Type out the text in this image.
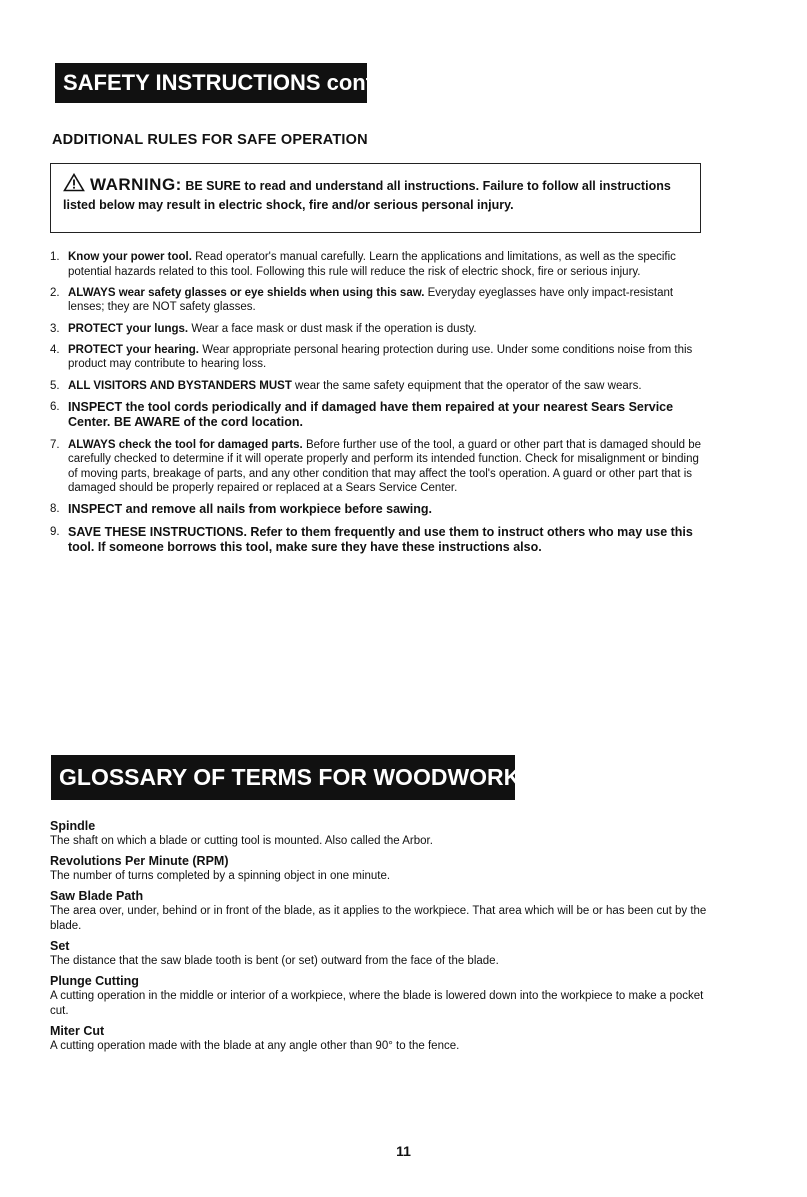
SAFETY INSTRUCTIONS cont.
ADDITIONAL RULES FOR SAFE OPERATION
WARNING: BE SURE to read and understand all instructions. Failure to follow all instructions listed below may result in electric shock, fire and/or serious personal injury.
1. Know your power tool. Read operator's manual carefully. Learn the applications and limitations, as well as the specific potential hazards related to this tool. Following this rule will reduce the risk of electric shock, fire or serious injury.
2. ALWAYS wear safety glasses or eye shields when using this saw. Everyday eyeglasses have only impact-resistant lenses; they are NOT safety glasses.
3. PROTECT your lungs. Wear a face mask or dust mask if the operation is dusty.
4. PROTECT your hearing. Wear appropriate personal hearing protection during use. Under some conditions noise from this product may contribute to hearing loss.
5. ALL VISITORS AND BYSTANDERS MUST wear the same safety equipment that the operator of the saw wears.
6. INSPECT the tool cords periodically and if damaged have them repaired at your nearest Sears Service Center. BE AWARE of the cord location.
7. ALWAYS check the tool for damaged parts. Before further use of the tool, a guard or other part that is damaged should be carefully checked to determine if it will operate properly and perform its intended function. Check for misalignment or binding of moving parts, breakage of parts, and any other condition that may affect the tool's operation. A guard or other part that is damaged should be properly repaired or replaced at a Sears Service Center.
8. INSPECT and remove all nails from workpiece before sawing.
9. SAVE THESE INSTRUCTIONS. Refer to them frequently and use them to instruct others who may use this tool. If someone borrows this tool, make sure they have these instructions also.
GLOSSARY OF TERMS FOR WOODWORKING
Spindle
The shaft on which a blade or cutting tool is mounted. Also called the Arbor.
Revolutions Per Minute (RPM)
The number of turns completed by a spinning object in one minute.
Saw Blade Path
The area over, under, behind or in front of the blade, as it applies to the workpiece. That area which will be or has been cut by the blade.
Set
The distance that the saw blade tooth is bent (or set) outward from the face of the blade.
Plunge Cutting
A cutting operation in the middle or interior of a workpiece, where the blade is lowered down into the workpiece to make a pocket cut.
Miter Cut
A cutting operation made with the blade at any angle other than 90° to the fence.
11
